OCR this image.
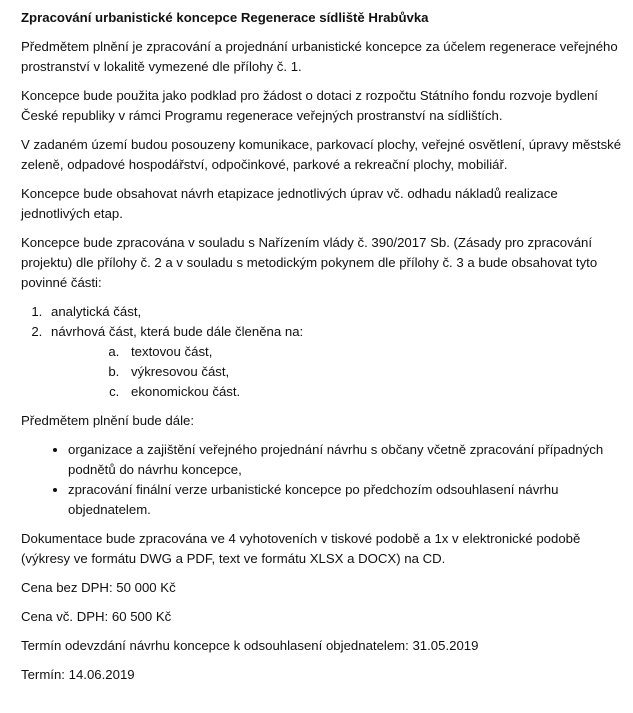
Zpracování urbanistické koncepce Regenerace sídliště Hrabůvka

Předmětem plnění je zpracování a projednání urbanistické koncepce za účelem regenerace veřejného prostranství v lokalitě vymezené dle přílohy č. 1.

Koncepce bude použita jako podklad pro žádost o dotaci z rozpočtu Státního fondu rozvoje bydlení České republiky v rámci Programu regenerace veřejných prostranství na sídlištích.

V zadaném území budou posouzeny komunikace, parkovací plochy, veřejné osvětlení, úpravy městské zeleně, odpadové hospodářství, odpočinkové, parkové a rekreační plochy, mobiliář.

Koncepce bude obsahovat návrh etapizace jednotlivých úprav vč. odhadu nákladů realizace jednotlivých etap.

Koncepce bude zpracována v souladu s Nařízením vlády č. 390/2017 Sb. (Zásady pro zpracování projektu) dle přílohy č. 2 a v souladu s metodickým pokynem dle přílohy č. 3 a bude obsahovat tyto povinné části:

1. analytická část,
2. návrhová část, která bude dále členěna na:
a. textovou část,
b. výkresovou část,
c. ekonomickou část.

Předmětem plnění bude dále:

• organizace a zajištění veřejného projednání návrhu s občany včetně zpracování případných podnětů do návrhu koncepce,
• zpracování finální verze urbanistické koncepce po předchozím odsouhlasení návrhu objednatelem.

Dokumentace bude zpracována ve 4 vyhotoveních v tiskové podobě a 1x v elektronické podobě (výkresy ve formátu DWG a PDF, text ve formátu XLSX a DOCX) na CD.

Cena bez DPH: 50 000 Kč

Cena vč. DPH: 60 500 Kč

Termín odevzdání návrhu koncepce k odsouhlasení objednatelem: 31.05.2019

Termín: 14.06.2019
